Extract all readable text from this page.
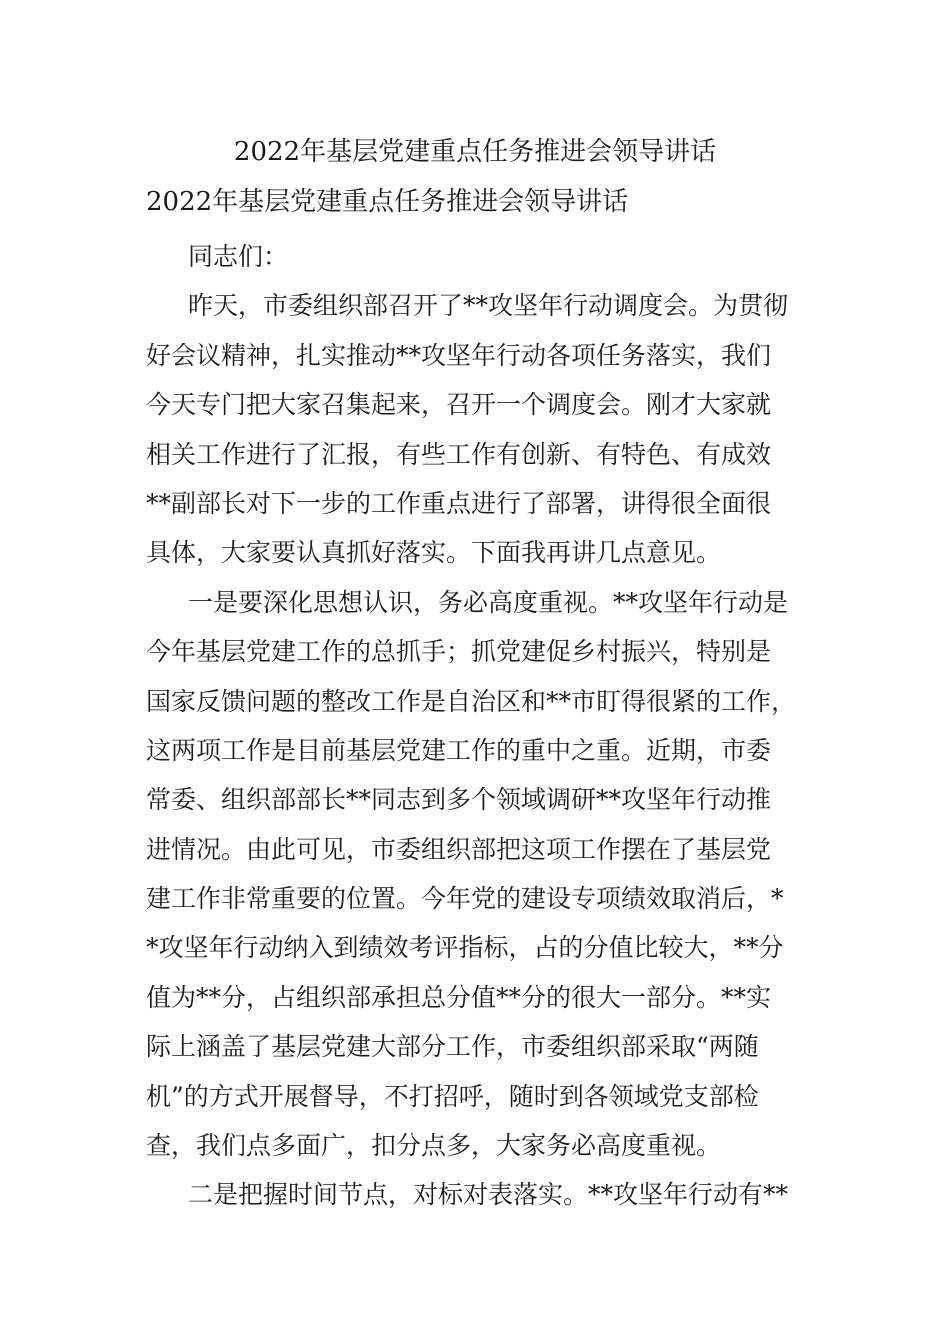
2022年基层党建重点任务推进会领导讲话
2022年基层党建重点任务推进会领导讲话

同志们：

昨天，市委组织部召开了**攻坚年行动调度会。为贯彻

好会议精神，扎实推动**攻坚年行动各项任务落实，我们

今天专门把大家召集起来，召开一个调度会。刚才大家就

相关工作进行了汇报，有些工作有创新、有特色、有成效

**副部长对下一步的工作重点进行了部署，讲得很全面很

具体，大家要认真抓好落实。下面我再讲几点意见。

一是要深化思想认识，务必高度重视。**攻坚年行动是

今年基层党建工作的总抓手；抓党建促乡村振兴，特别是

国家反馈问题的整改工作是自治区和**市盯得很紧的工作，

这两项工作是目前基层党建工作的重中之重。近期，市委

常委、组织部部长**同志到多个领域调研**攻坚年行动推

进情况。由此可见，市委组织部把这项工作摆在了基层党

建工作非常重要的位置。今年党的建设专项绩效取消后，*

*攻坚年行动纳入到绩效考评指标，占的分值比较大，**分

值为**分，占组织部承担总分值**分的很大一部分。**实

际上涵盖了基层党建大部分工作，市委组织部采取“两随

机”的方式开展督导，不打招呼，随时到各领域党支部检

查，我们点多面广，扣分点多，大家务必高度重视。

二是把握时间节点，对标对表落实。**攻坚年行动有**
